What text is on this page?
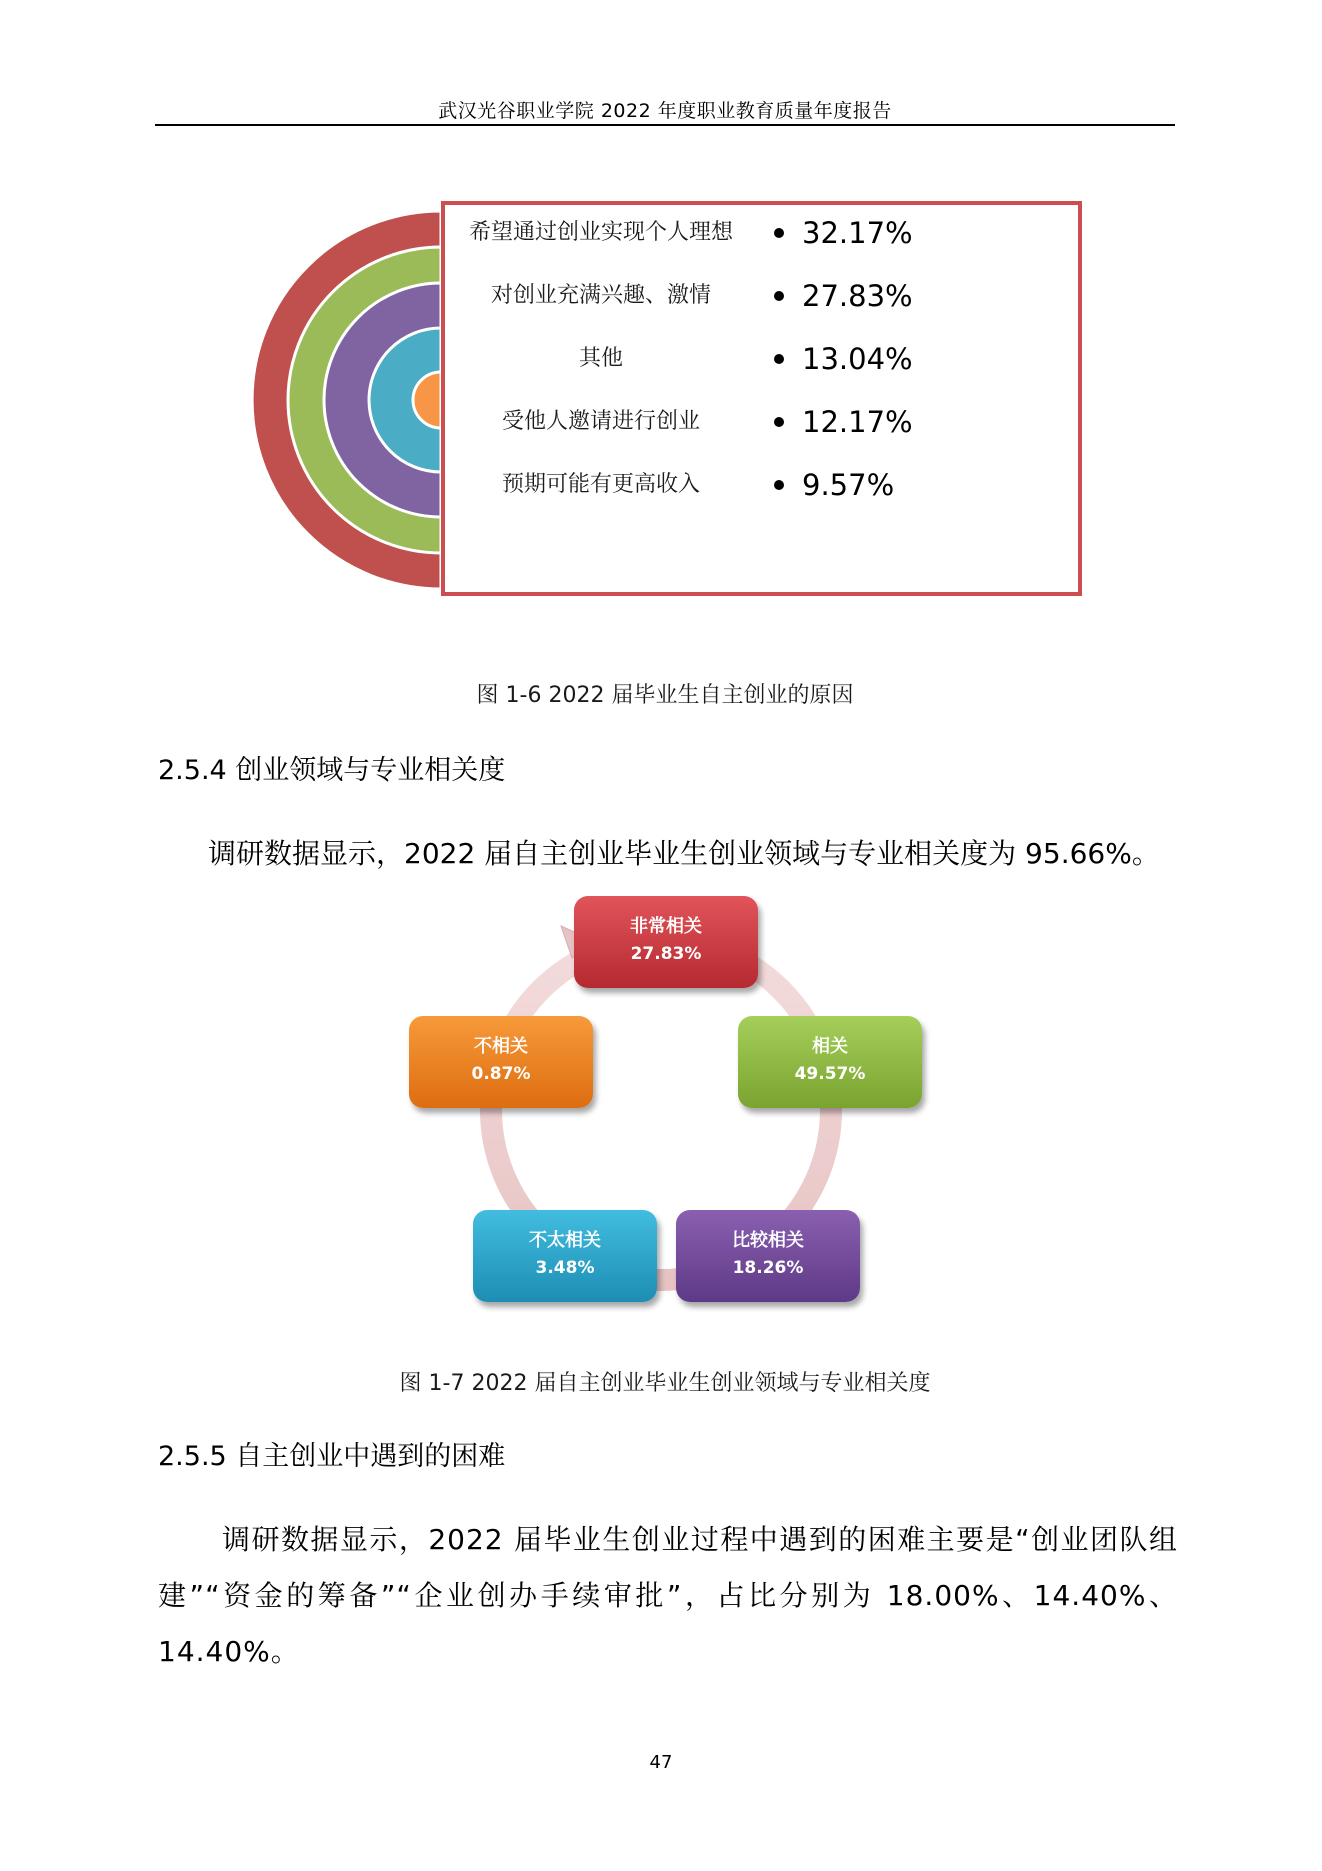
武汉光谷职业学院 2022 年度职业教育质量年度报告
希望通过创业实现个人理想	32.17%
对创业充满兴趣、激情	27.83%
其他	13.04%
受他人邀请进行创业	12.17%
预期可能有更高收入	9.57%
图 1-6 2022 届毕业生自主创业的原因
2.5.4 创业领域与专业相关度
调研数据显示，2022 届自主创业毕业生创业领域与专业相关度为 95.66%。
非常相关
27.83%
相关
49.57%
比较相关
18.26%
不太相关
3.48%
不相关
0.87%
图 1-7 2022 届自主创业毕业生创业领域与专业相关度
2.5.5 自主创业中遇到的困难
调研数据显示，2022 届毕业生创业过程中遇到的困难主要是“创业团队组建”“资金的筹备”“企业创办手续审批”，占比分别为 18.00%、14.40%、14.40%。
47
